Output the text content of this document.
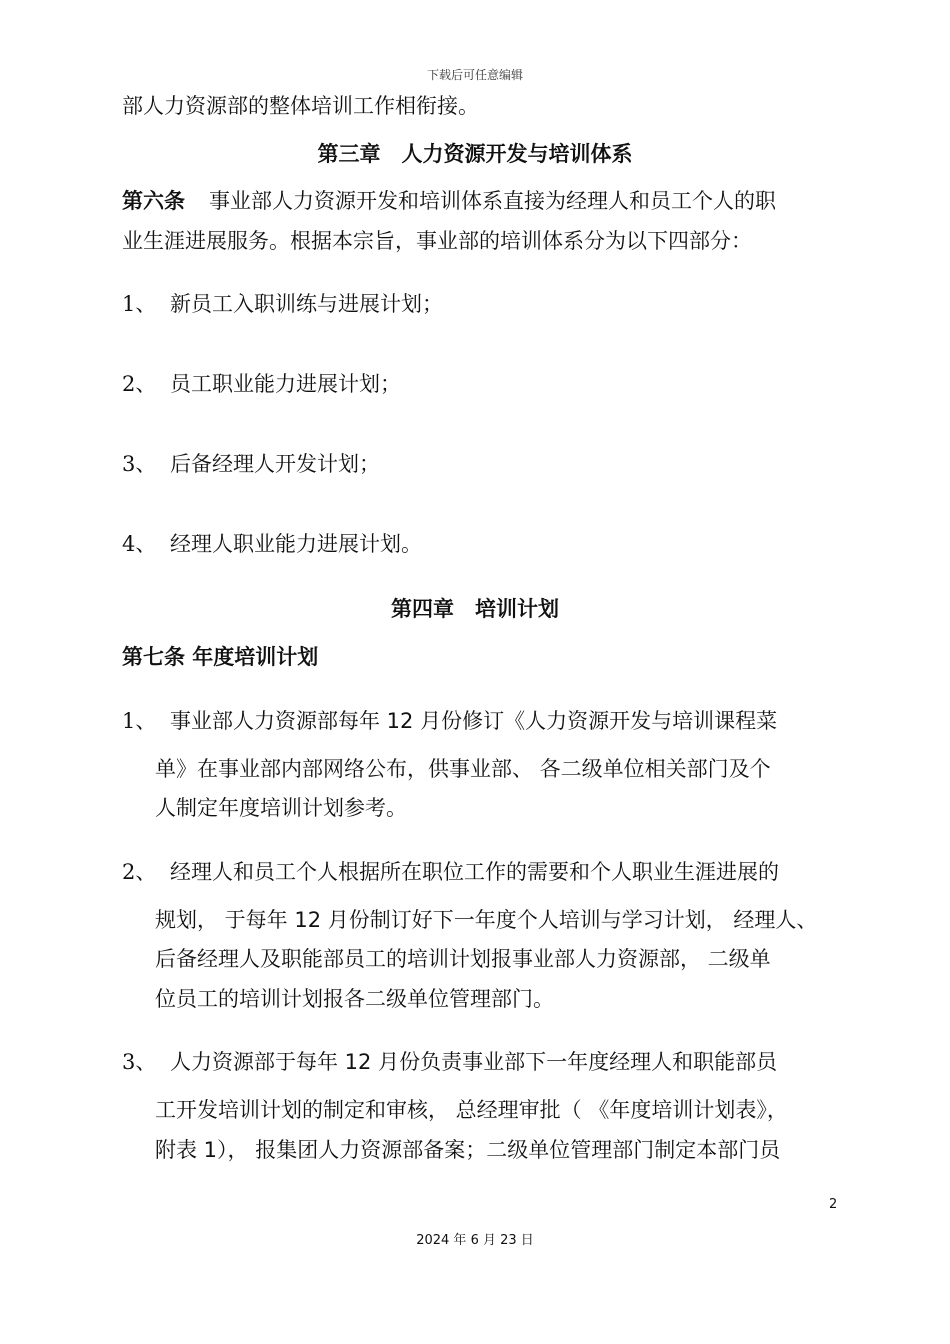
下载后可任意编辑
部人力资源部的整体培训工作相衔接。
第三章　人力资源开发与培训体系
第六条 事业部人力资源开发和培训体系直接为经理人和员工个人的职
业生涯进展服务。根据本宗旨，事业部的培训体系分为以下四部分：
1、 新员工入职训练与进展计划；
2、 员工职业能力进展计划；
3、 后备经理人开发计划；
4、 经理人职业能力进展计划。
第四章　培训计划
第七条 年度培训计划
1、 事业部人力资源部每年 12 月份修订《人力资源开发与培训课程菜
单》在事业部内部网络公布，供事业部、 各二级单位相关部门及个
人制定年度培训计划参考。
2、 经理人和员工个人根据所在职位工作的需要和个人职业生涯进展的
规划， 于每年 12 月份制订好下一年度个人培训与学习计划， 经理人、
后备经理人及职能部员工的培训计划报事业部人力资源部， 二级单
位员工的培训计划报各二级单位管理部门。
3、 人力资源部于每年 12 月份负责事业部下一年度经理人和职能部员
工开发培训计划的制定和审核， 总经理审批（ 《年度培训计划表》，
附表 1）， 报集团人力资源部备案；二级单位管理部门制定本部门员
2
2024 年 6 月 23 日
